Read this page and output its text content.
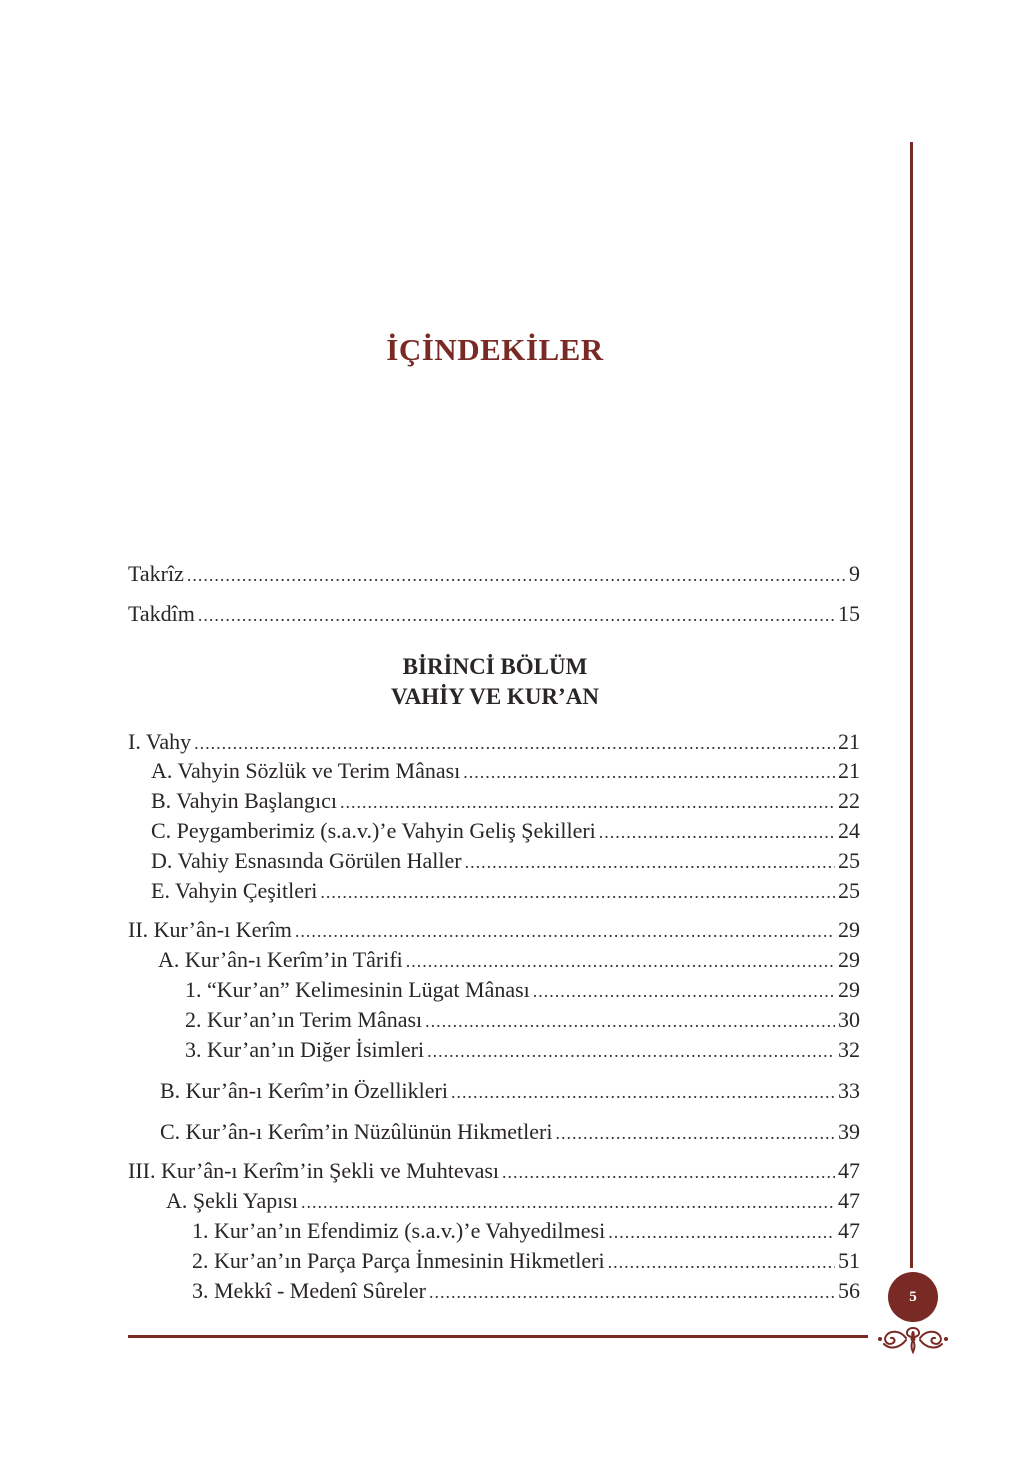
İÇİNDEKİLER
Takrîz .....	9
Takdîm .....	15
BİRİNCİ BÖLÜM
VAHİY VE KUR’AN
I. Vahy .....	21
A. Vahyin Sözlük ve Terim Mânası .....	21
B. Vahyin Başlangıcı .....	22
C. Peygamberimiz (s.a.v.)’e Vahyin Geliş Şekilleri .....	24
D. Vahiy Esnasında Görülen Haller .....	25
E. Vahyin Çeşitleri .....	25
II. Kur’ân-ı Kerîm .....	29
A. Kur’ân-ı Kerîm’in Târifi .....	29
1. “Kur’an” Kelimesinin Lügat Mânası .....	29
2. Kur’an’ın Terim Mânası .....	30
3. Kur’an’ın Diğer İsimleri .....	32
B. Kur’ân-ı Kerîm’in Özellikleri .....	33
C. Kur’ân-ı Kerîm’in Nüzûlünün Hikmetleri .....	39
III. Kur’ân-ı Kerîm’in Şekli ve Muhtevası .....	47
A. Şekli Yapısı .....	47
1. Kur’an’ın Efendimiz (s.a.v.)’e Vahyedilmesi .....	47
2. Kur’an’ın Parça Parça İnmesinin Hikmetleri .....	51
3. Mekkî - Medenî Sûreler .....	56	5
